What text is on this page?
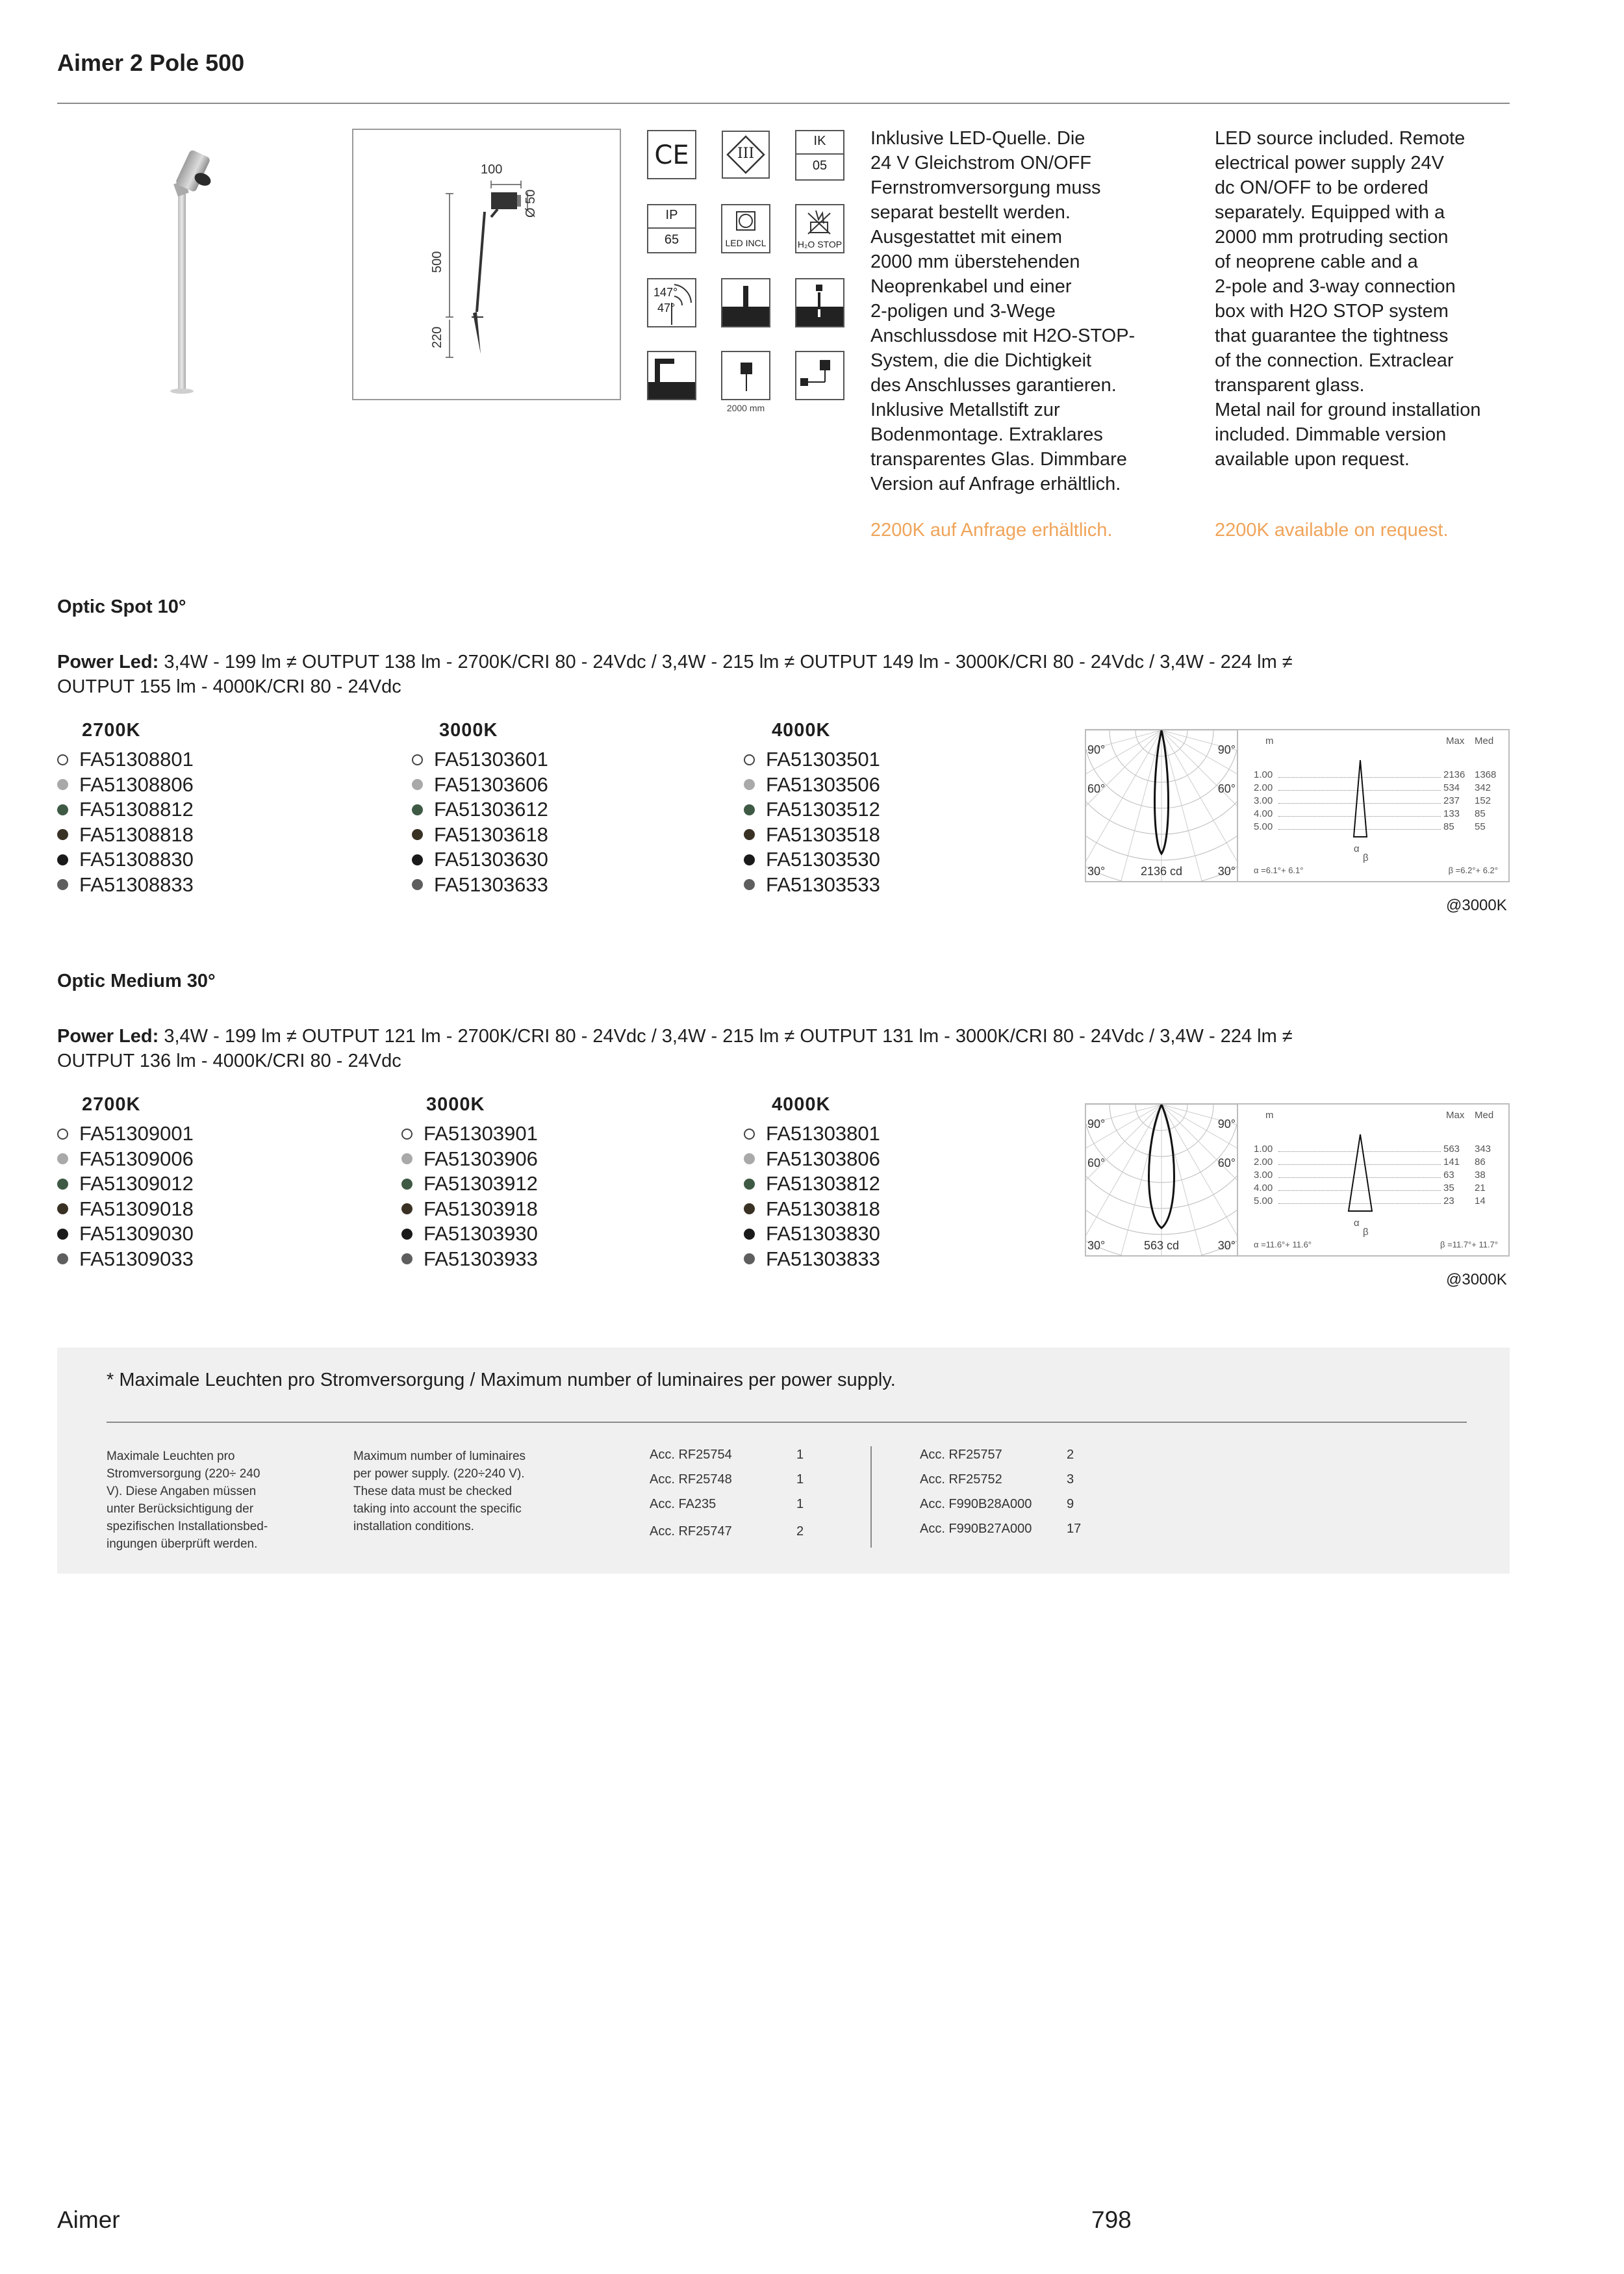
Aimer 2 Pole 500
100
Ø 50
500
220
CE	III
IK
05
IP
65	LED INCL	H₂O STOP
147°
47°
2000 mm
Inklusive LED-Quelle. Die
24 V Gleichstrom ON/OFF
Fernstromversorgung muss
separat bestellt werden.
Ausgestattet mit einem
2000 mm überstehenden
Neoprenkabel und einer
2-poligen und 3-Wege
Anschlussdose mit H2O-STOP-
System, die die Dichtigkeit
des Anschlusses garantieren.
Inklusive Metallstift zur
Bodenmontage. Extraklares
transparentes Glas. Dimmbare
Version auf Anfrage erhältlich.
2200K auf Anfrage erhältlich.
LED source included. Remote
electrical power supply 24V
dc ON/OFF to be ordered
separately. Equipped with a
2000 mm protruding section
of neoprene cable and a
2-pole and 3-way connection
box with H2O STOP system
that guarantee the tightness
of the connection. Extraclear
transparent glass.
Metal nail for ground installation
included. Dimmable version
available upon request.
2200K available on request.
Optic Spot 10°
Power Led: 3,4W - 199 lm ≠ OUTPUT 138 lm - 2700K/CRI 80 - 24Vdc / 3,4W - 215 lm ≠ OUTPUT 149 lm - 3000K/CRI 80 - 24Vdc / 3,4W - 224 lm ≠
OUTPUT 155 lm - 4000K/CRI 80 - 24Vdc
2700K
FA51308801
FA51308806
FA51308812
FA51308818
FA51308830
FA51308833
3000K
FA51303601
FA51303606
FA51303612
FA51303618
FA51303630
FA51303633
4000K
FA51303501
FA51303506
FA51303512
FA51303518
FA51303530
FA51303533
90°	90°
60°	60°
30°	30°
2136 cd
m	Max Med
1.00	2136 1368
2.00	534 342
3.00	237 152
4.00	133 85
5.00	85 55
α
β
α =6.1°+ 6.1°	β =6.2°+ 6.2°
@3000K
Optic Medium 30°
Power Led: 3,4W - 199 lm ≠ OUTPUT 121 lm - 2700K/CRI 80 - 24Vdc / 3,4W - 215 lm ≠ OUTPUT 131 lm - 3000K/CRI 80 - 24Vdc / 3,4W - 224 lm ≠
OUTPUT 136 lm - 4000K/CRI 80 - 24Vdc
2700K
FA51309001
FA51309006
FA51309012
FA51309018
FA51309030
FA51309033
3000K
FA51303901
FA51303906
FA51303912
FA51303918
FA51303930
FA51303933
4000K
FA51303801
FA51303806
FA51303812
FA51303818
FA51303830
FA51303833
90°	90°
60°	60°
30°	30°
563 cd
m	Max Med
1.00	563 343
2.00	141 86
3.00	63 38
4.00	35 21
5.00	23 14
α
β
α =11.6°+ 11.6°	β =11.7°+ 11.7°
@3000K
* Maximale Leuchten pro Stromversorgung / Maximum number of luminaires per power supply.
Maximale Leuchten pro
Stromversorgung (220÷ 240
V). Diese Angaben müssen
unter Berücksichtigung der
spezifischen Installationsbed-
ingungen überprüft werden.
Maximum number of luminaires
per power supply. (220÷240 V).
These data must be checked
taking into account the specific
installation conditions.
Acc. RF25754	1
Acc. RF25748	1
Acc. FA235	1
Acc. RF25747	2
Acc. RF25757	2
Acc. RF25752	3
Acc. F990B28A000	9
Acc. F990B27A000	17
Aimer	798
